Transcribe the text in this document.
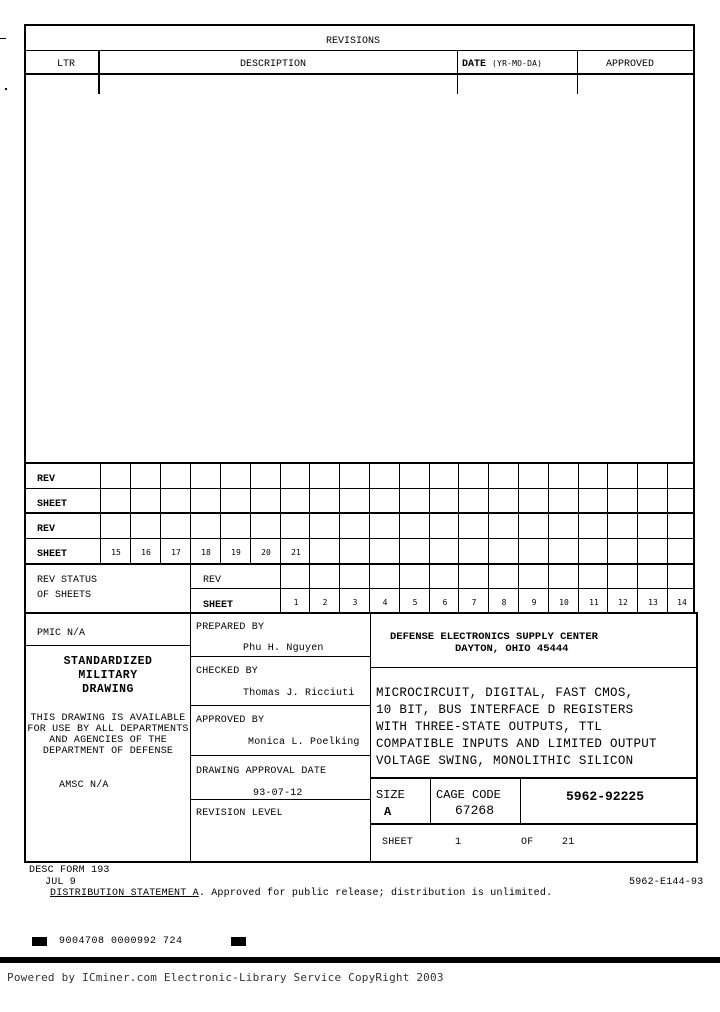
REVISIONS
LTR	DESCRIPTION	DATE (YR-MO-DA)	APPROVED
REV
SHEET
REV
SHEET	15	16	17	18	19	20	21
REV STATUS
OF SHEETS
REV
SHEET	1	2	3	4	5	6	7	8	9	10	11	12	13	14
PMIC N/A
STANDARDIZED
MILITARY
DRAWING
THIS DRAWING IS AVAILABLE
FOR USE BY ALL DEPARTMENTS
AND AGENCIES OF THE
DEPARTMENT OF DEFENSE
AMSC N/A
PREPARED BY
Phu H. Nguyen
CHECKED BY
Thomas J. Ricciuti
APPROVED BY
Monica L. Poelking
DRAWING APPROVAL DATE
93-07-12
REVISION LEVEL
DEFENSE ELECTRONICS SUPPLY CENTER
DAYTON, OHIO 45444
MICROCIRCUIT, DIGITAL, FAST CMOS,
10 BIT, BUS INTERFACE D REGISTERS
WITH THREE-STATE OUTPUTS, TTL
COMPATIBLE INPUTS AND LIMITED OUTPUT
VOLTAGE SWING, MONOLITHIC SILICON
SIZE
A
CAGE CODE
67268
5962-92225
SHEET	1	OF	21
DESC FORM 193
JUL 9	5962-E144-93
DISTRIBUTION STATEMENT A. Approved for public release; distribution is unlimited.
9004708 0000992 724
Powered by ICminer.com Electronic-Library Service CopyRight 2003
